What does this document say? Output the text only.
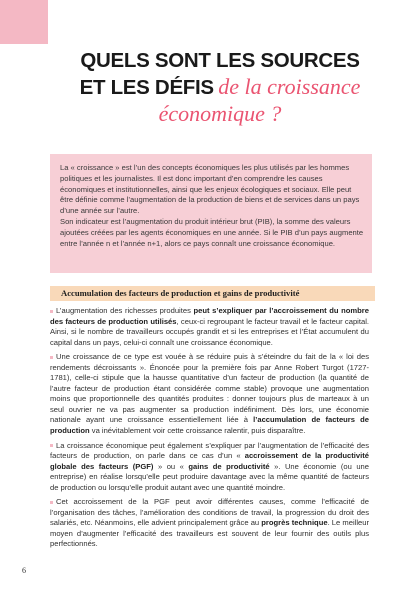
QUELS SONT LES SOURCES
ET LES DÉFIS de la croissance
économique ?

La « croissance » est l’un des concepts économiques les plus utilisés par les hommes politiques et les journalistes. Il est donc important d’en comprendre les causes économiques et institutionnelles, ainsi que les enjeux écologiques et sociaux. Elle peut être définie comme l’augmentation de la production de biens et de services dans un pays d’une année sur l’autre.

Son indicateur est l’augmentation du produit intérieur brut (PIB), la somme des valeurs ajoutées créées par les agents économiques en une année. Si le PIB d’un pays augmente entre l’année n et l’année n+1, alors ce pays connaît une croissance économique.

Accumulation des facteurs de production et gains de productivité

L’augmentation des richesses produites peut s’expliquer par l’accroissement du nombre des facteurs de production utilisés, ceux-ci regroupant le facteur travail et le facteur capital. Ainsi, si le nombre de travailleurs occupés grandit et si les entreprises et l’État accumulent du capital dans un pays, celui-ci connaît une croissance économique.

Une croissance de ce type est vouée à se réduire puis à s’éteindre du fait de la « loi des rendements décroissants ». Énoncée pour la première fois par Anne Robert Turgot (1727-1781), celle-ci stipule que la hausse quantitative d’un facteur de production (la quantité de l’autre facteur de production étant considérée comme stable) provoque une augmentation moins que proportionnelle des quantités produites : donner toujours plus de marteaux à un seul ouvrier ne va pas augmenter sa production indéfiniment. Dès lors, une économie nationale ayant une croissance essentiellement liée à l’accumulation de facteurs de production va inévitablement voir cette croissance ralentir, puis disparaître.

La croissance économique peut également s’expliquer par l’augmentation de l’efficacité des facteurs de production, on parle dans ce cas d’un « accroissement de la productivité globale des facteurs (PGF) » ou « gains de productivité ». Une économie (ou une entreprise) en réalise lorsqu’elle peut produire davantage avec la même quantité de facteurs de production ou lorsqu’elle produit autant avec une quantité moindre.

Cet accroissement de la PGF peut avoir différentes causes, comme l’efficacité de l’organisation des tâches, l’amélioration des conditions de travail, la progression du droit des salariés, etc. Néanmoins, elle advient principalement grâce au progrès technique. Le meilleur moyen d’augmenter l’efficacité des travailleurs est souvent de leur fournir des outils plus perfectionnés.

6
